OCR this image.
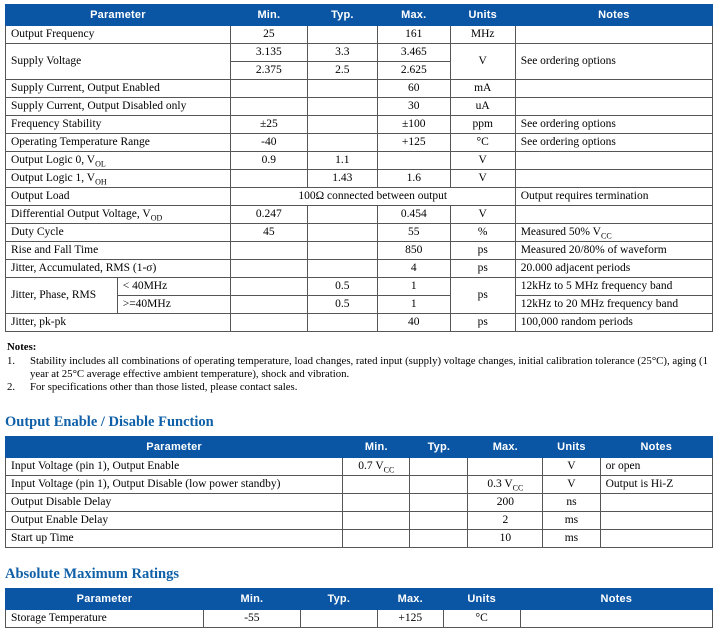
Parameter		Min.	Typ.	Max.	Units	Notes
Output Frequency		25		161	MHz	
Supply Voltage		3.135	3.3	3.465	V	See ordering options
		2.375	2.5	2.625		
Supply Current, Output Enabled				60	mA	
Supply Current, Output Disabled only				30	uA	
Frequency Stability		±25		±100	ppm	See ordering options
Operating Temperature Range		-40		+125	°C	See ordering options
Output Logic 0, $V_{OL}$		0.9	1.1		V	
Output Logic 1, $V_{OH}$			1.43	1.6	V	
Output Load		100Ω connected between output				Output requires termination
Differential Output Voltage, $V_{OD}$		0.247		0.454	V	
Duty Cycle		45		55	%	Measured 50% $V_{CC}$
Rise and Fall Time				850	ps	Measured 20/80% of waveform
Jitter, Accumulated, RMS (1-σ)				4	ps	20.000 adjacent periods
Jitter, Phase, RMS	< 40MHz		0.5	1	ps	12kHz to 5 MHz frequency band
	>=40MHz		0.5	1		12kHz to 20 MHz frequency band
Jitter, pk-pk				40	ps	100,000 random periods
Notes:
1.	Stability includes all combinations of operating temperature, load changes, rated input (supply) voltage changes, initial calibration tolerance (25°C), aging (1 year at 25°C average effective ambient temperature), shock and vibration.
2.	For specifications other than those listed, please contact sales.
Output Enable / Disable Function
Parameter	Min.	Typ.	Max.	Units	Notes
Input Voltage (pin 1), Output Enable	0.7 $V_{CC}$			V	or open
Input Voltage (pin 1), Output Disable (low power standby)			0.3 $V_{CC}$	V	Output is Hi-Z
Output Disable Delay			200	ns	
Output Enable Delay			2	ms	
Start up Time			10	ms	
Absolute Maximum Ratings
Parameter	Min.	Typ.	Max.	Units	Notes
Storage Temperature	-55		+125	°C	
